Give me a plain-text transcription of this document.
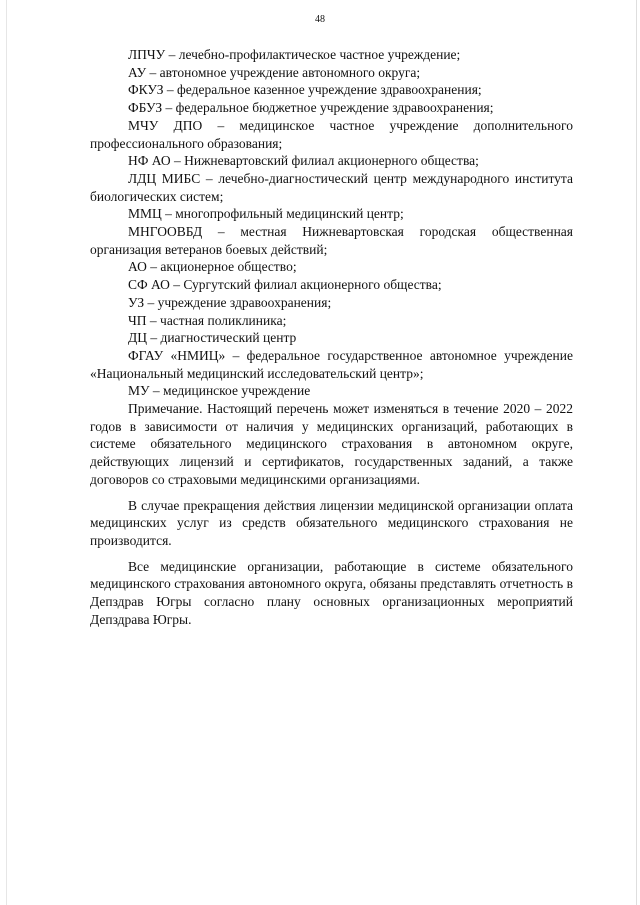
48

ЛПЧУ – лечебно-профилактическое частное учреждение;

АУ – автономное учреждение автономного округа;

ФКУЗ – федеральное казенное учреждение здравоохранения;

ФБУЗ – федеральное бюджетное учреждение здравоохранения;

МЧУ ДПО – медицинское частное учреждение дополнительного профессионального образования;

НФ АО – Нижневартовский филиал акционерного общества;

ЛДЦ МИБС – лечебно-диагностический центр международного института биологических систем;

ММЦ – многопрофильный медицинский центр;

МНГООВБД – местная Нижневартовская городская общественная организация ветеранов боевых действий;

АО – акционерное общество;

СФ АО – Сургутский филиал акционерного общества;

УЗ – учреждение здравоохранения;

ЧП – частная поликлиника;

ДЦ – диагностический центр

ФГАУ «НМИЦ» – федеральное государственное автономное учреждение «Национальный медицинский исследовательский центр»;

МУ – медицинское учреждение

Примечание. Настоящий перечень может изменяться в течение 2020 – 2022 годов в зависимости от наличия у медицинских организаций, работающих в системе обязательного медицинского страхования в автономном округе, действующих лицензий и сертификатов, государственных заданий, а также договоров со страховыми медицинскими организациями.

В случае прекращения действия лицензии медицинской организации оплата медицинских услуг из средств обязательного медицинского страхования не производится.

Все медицинские организации, работающие в системе обязательного медицинского страхования автономного округа, обязаны представлять отчетность в Депздрав Югры согласно плану основных организационных мероприятий Депздрава Югры.
